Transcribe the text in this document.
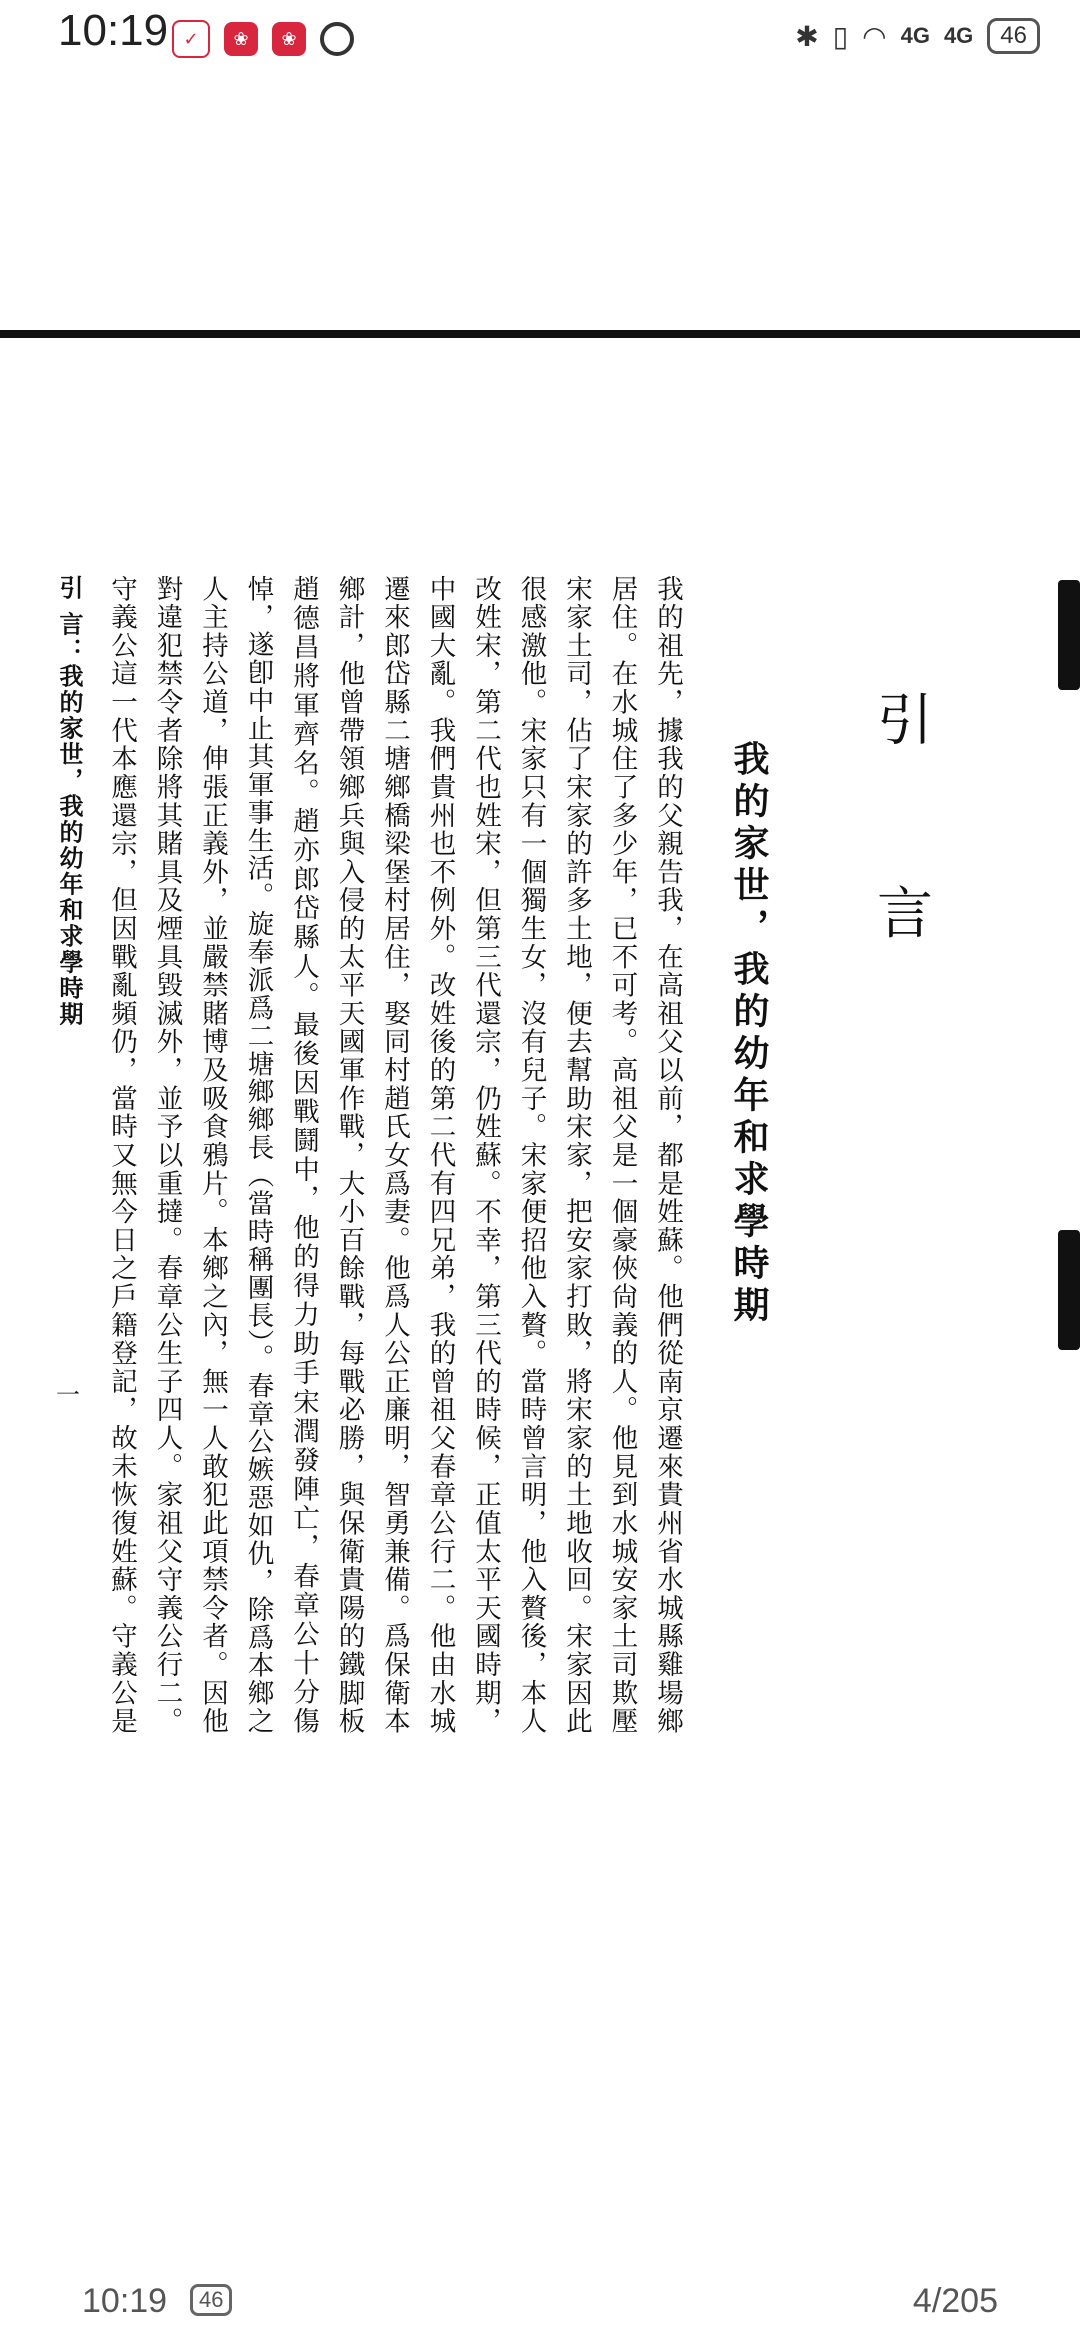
10:19 ✓	❀	❀	✱ ▯ ◠ 4G 4G	46
引 言
我的家世，我的幼年和求學時期
我的祖先，據我的父親告我，在高祖父以前，都是姓蘇。他們從南京遷來貴州省水城縣雞場鄉居住。在水城住了多少年，已不可考。高祖父是一個豪俠尙義的人。他見到水城安家土司欺壓宋家土司，佔了宋家的許多土地，便去幫助宋家，把安家打敗，將宋家的土地收回。宋家因此很感激他。宋家只有一個獨生女，沒有兒子。宋家便招他入贅。當時曾言明，他入贅後，本人改姓宋，第二代也姓宋，但第三代還宗，仍姓蘇。不幸，第三代的時候，正值太平天國時期，中國大亂。我們貴州也不例外。改姓後的第二代有四兄弟，我的曾祖父春章公行二。他由水城遷來郎岱縣二塘鄉橋梁堡村居住，娶同村趙氏女爲妻。他爲人公正廉明，智勇兼備。爲保衛本鄉計，他曾帶領鄉兵與入侵的太平天國軍作戰，大小百餘戰，每戰必勝，與保衛貴陽的鐵脚板趙德昌將軍齊名。趙亦郎岱縣人。最後因戰鬪中，他的得力助手宋潤發陣亡，春章公十分傷悼，遂卽中止其軍事生活。旋奉派爲二塘鄉鄉長（當時稱團長）。春章公嫉惡如仇，除爲本鄉之人主持公道，伸張正義外，並嚴禁賭博及吸食鴉片。本鄉之內，無一人敢犯此項禁令者。因他對違犯禁令者除將其賭具及煙具毀滅外，並予以重撻。春章公生子四人。家祖父守義公行二。守義公這一代本應還宗，但因戰亂頻仍，當時又無今日之戶籍登記，故未恢復姓蘇。守義公是
引 言：我的家世，我的幼年和求學時期
一
10:19	46	4/205
